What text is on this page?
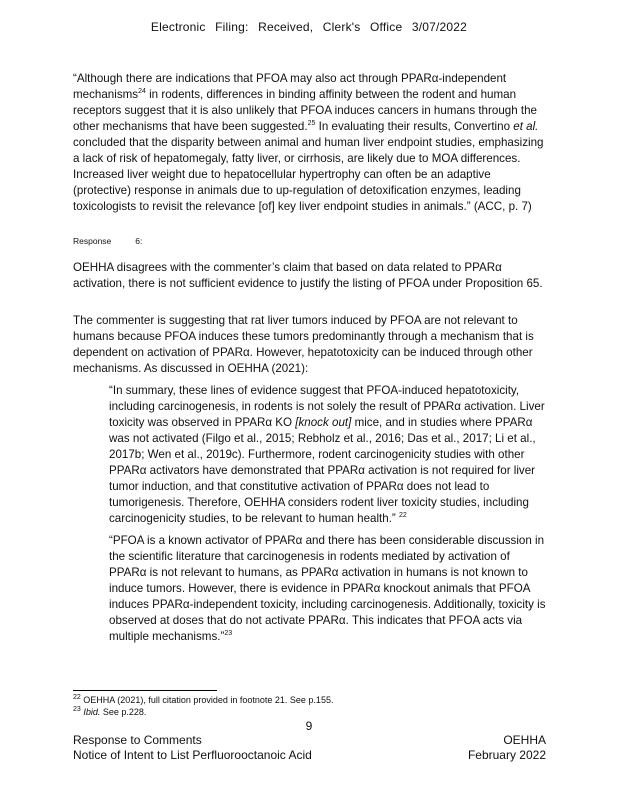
Electronic Filing: Received, Clerk's Office 3/07/2022

“Although there are indications that PFOA may also act through PPARα-independent mechanisms$^{24}$ in rodents, differences in binding affinity between the rodent and human receptors suggest that it is also unlikely that PFOA induces cancers in humans through the other mechanisms that have been suggested.$^{25}$ In evaluating their results, Convertino et al. concluded that the disparity between animal and human liver endpoint studies, emphasizing a lack of risk of hepatomegaly, fatty liver, or cirrhosis, are likely due to MOA differences. Increased liver weight due to hepatocellular hypertrophy can often be an adaptive (protective) response in animals due to up-regulation of detoxification enzymes, leading toxicologists to revisit the relevance [of] key liver endpoint studies in animals.” (ACC, p. 7)

Response	6:

OEHHA disagrees with the commenter’s claim that based on data related to PPARα activation, there is not sufficient evidence to justify the listing of PFOA under Proposition 65.

The commenter is suggesting that rat liver tumors induced by PFOA are not relevant to humans because PFOA induces these tumors predominantly through a mechanism that is dependent on activation of PPARα. However, hepatotoxicity can be induced through other mechanisms. As discussed in OEHHA (2021):

“In summary, these lines of evidence suggest that PFOA-induced hepatotoxicity, including carcinogenesis, in rodents is not solely the result of PPARα activation. Liver toxicity was observed in PPARα KO [knock out] mice, and in studies where PPARα was not activated (Filgo et al., 2015; Rebholz et al., 2016; Das et al., 2017; Li et al., 2017b; Wen et al., 2019c). Furthermore, rodent carcinogenicity studies with other PPARα activators have demonstrated that PPARα activation is not required for liver tumor induction, and that constitutive activation of PPARα does not lead to tumorigenesis. Therefore, OEHHA considers rodent liver toxicity studies, including carcinogenicity studies, to be relevant to human health.” $^{22}$

“PFOA is a known activator of PPARα and there has been considerable discussion in the scientific literature that carcinogenesis in rodents mediated by activation of PPARα is not relevant to humans, as PPARα activation in humans is not known to induce tumors. However, there is evidence in PPARα knockout animals that PFOA induces PPARα-independent toxicity, including carcinogenesis. Additionally, toxicity is observed at doses that do not activate PPARα. This indicates that PFOA acts via multiple mechanisms.”$^{23}$

$^{22}$ OEHHA (2021), full citation provided in footnote 21. See p.155.
$^{23}$ Ibid. See p.228.
9
Response to Comments
Notice of Intent to List Perfluorooctanoic Acid
OEHHA
February 2022
